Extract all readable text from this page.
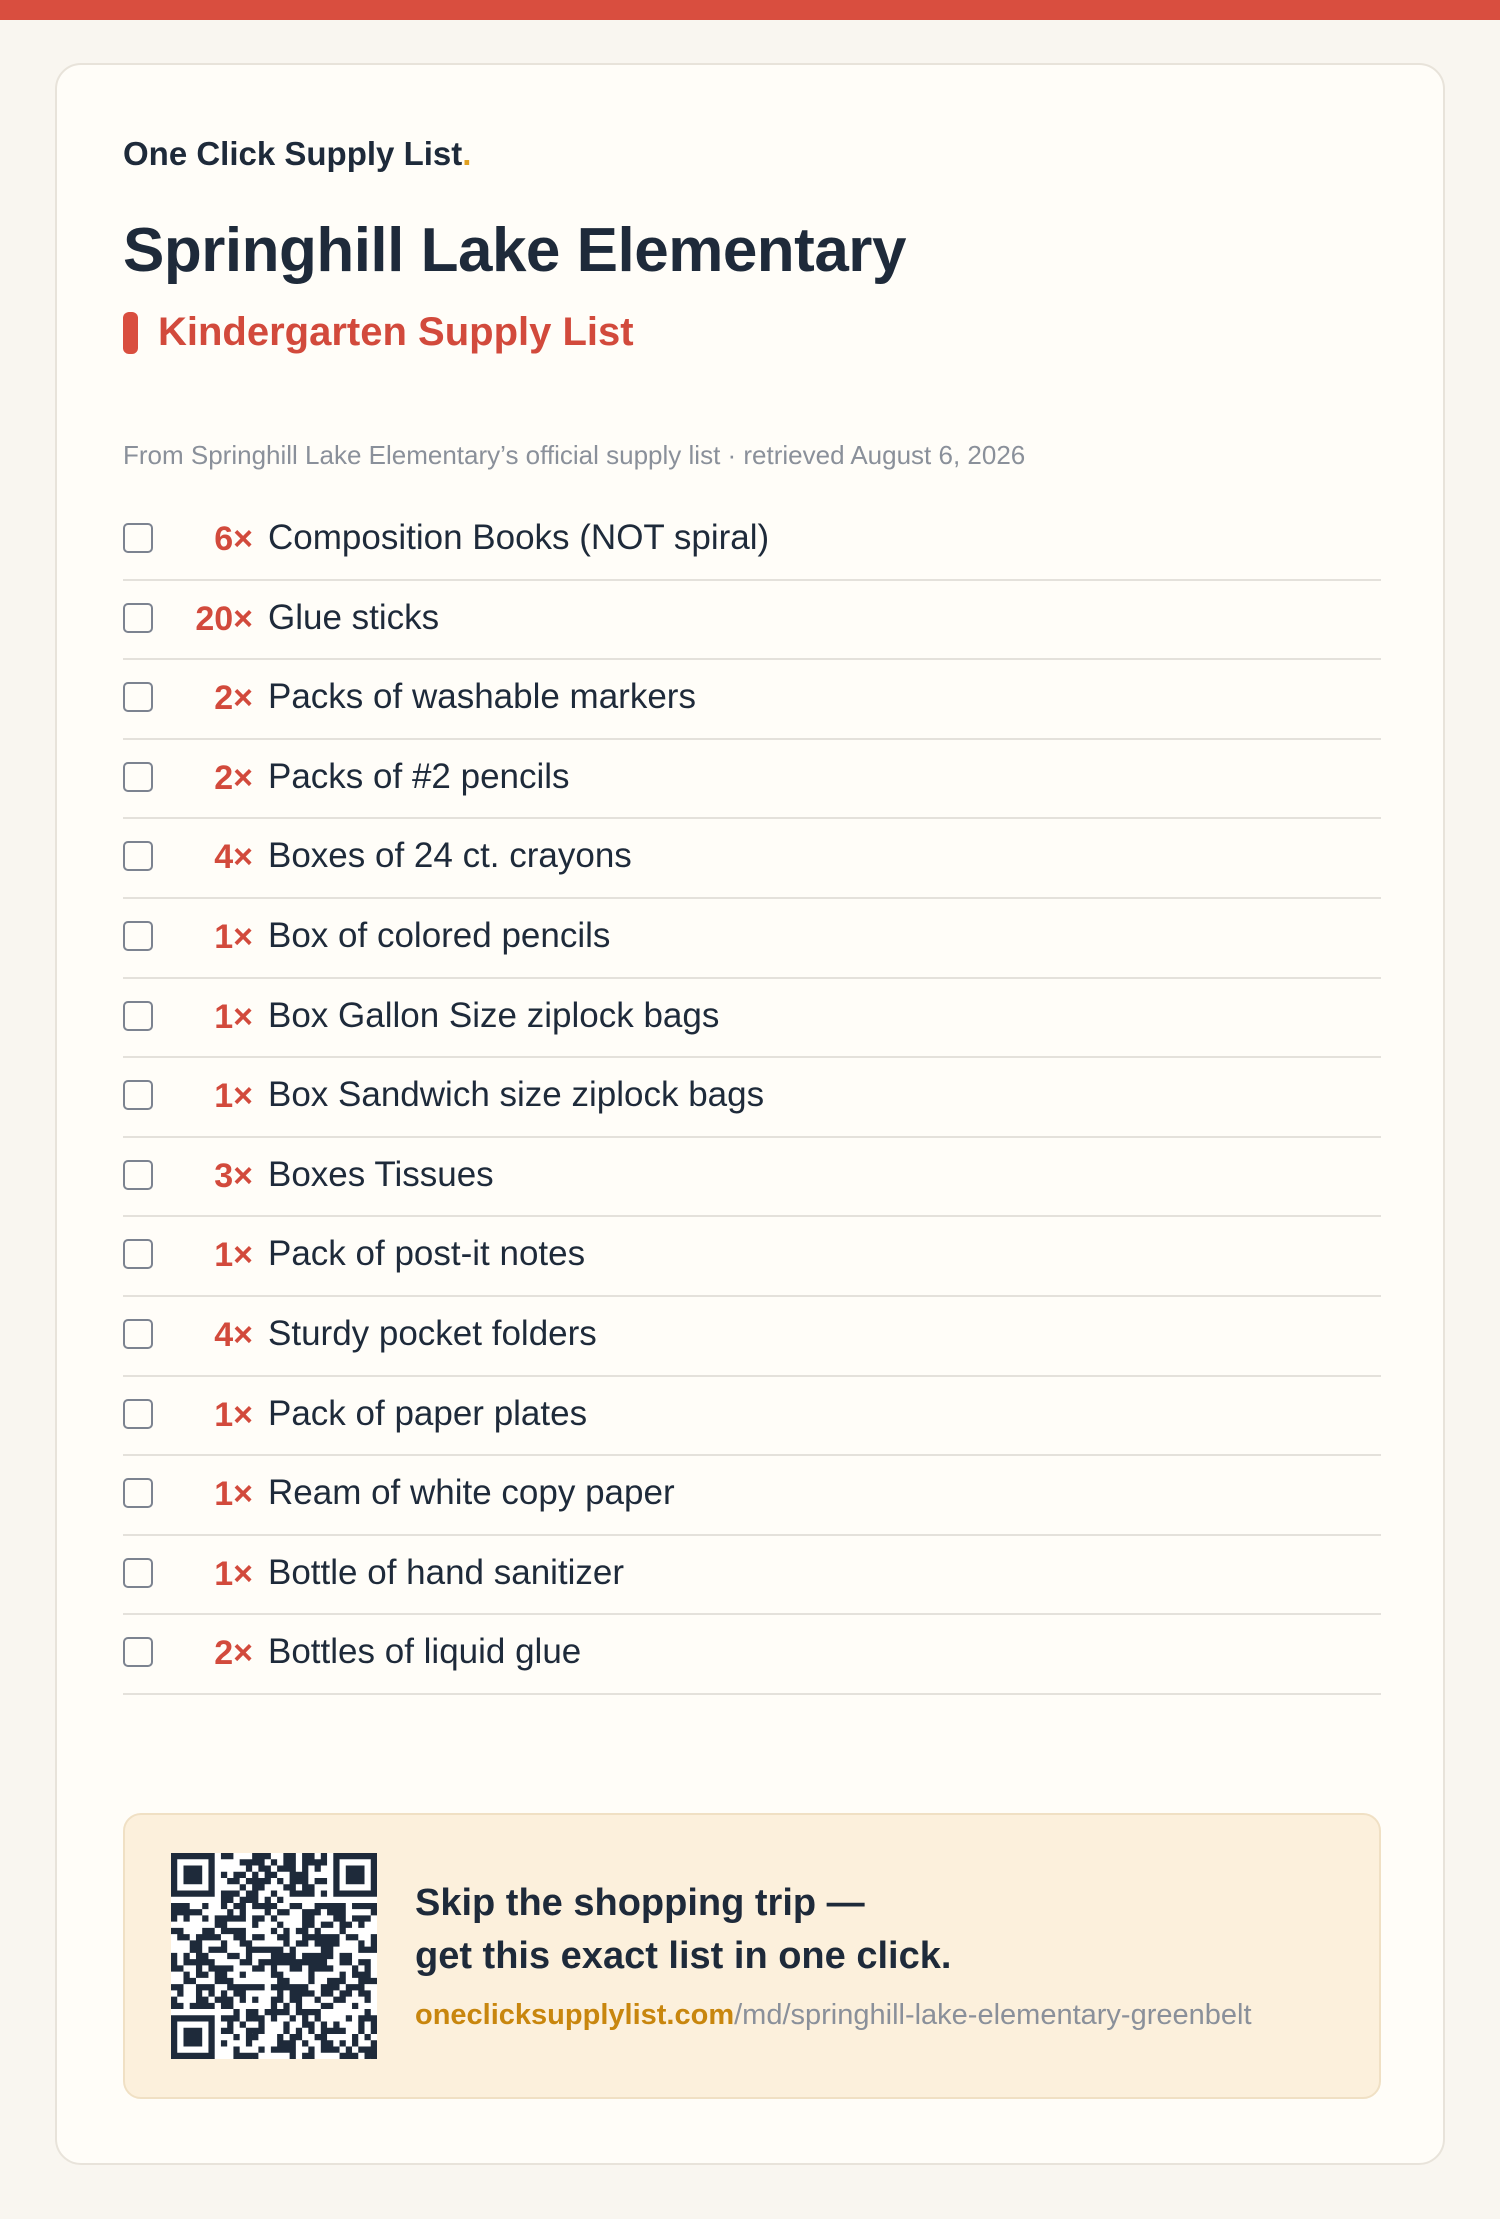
One Click Supply List.
Springhill Lake Elementary
Kindergarten Supply List

From Springhill Lake Elementary’s official supply list · retrieved August 6, 2026

6× Composition Books (NOT spiral)
20× Glue sticks
2× Packs of washable markers
2× Packs of #2 pencils
4× Boxes of 24 ct. crayons
1× Box of colored pencils
1× Box Gallon Size ziplock bags
1× Box Sandwich size ziplock bags
3× Boxes Tissues
1× Pack of post-it notes
4× Sturdy pocket folders
1× Pack of paper plates
1× Ream of white copy paper
1× Bottle of hand sanitizer
2× Bottles of liquid glue
Skip the shopping trip —
get this exact list in one click.
oneclicksupplylist.com/md/springhill-lake-elementary-greenbelt
